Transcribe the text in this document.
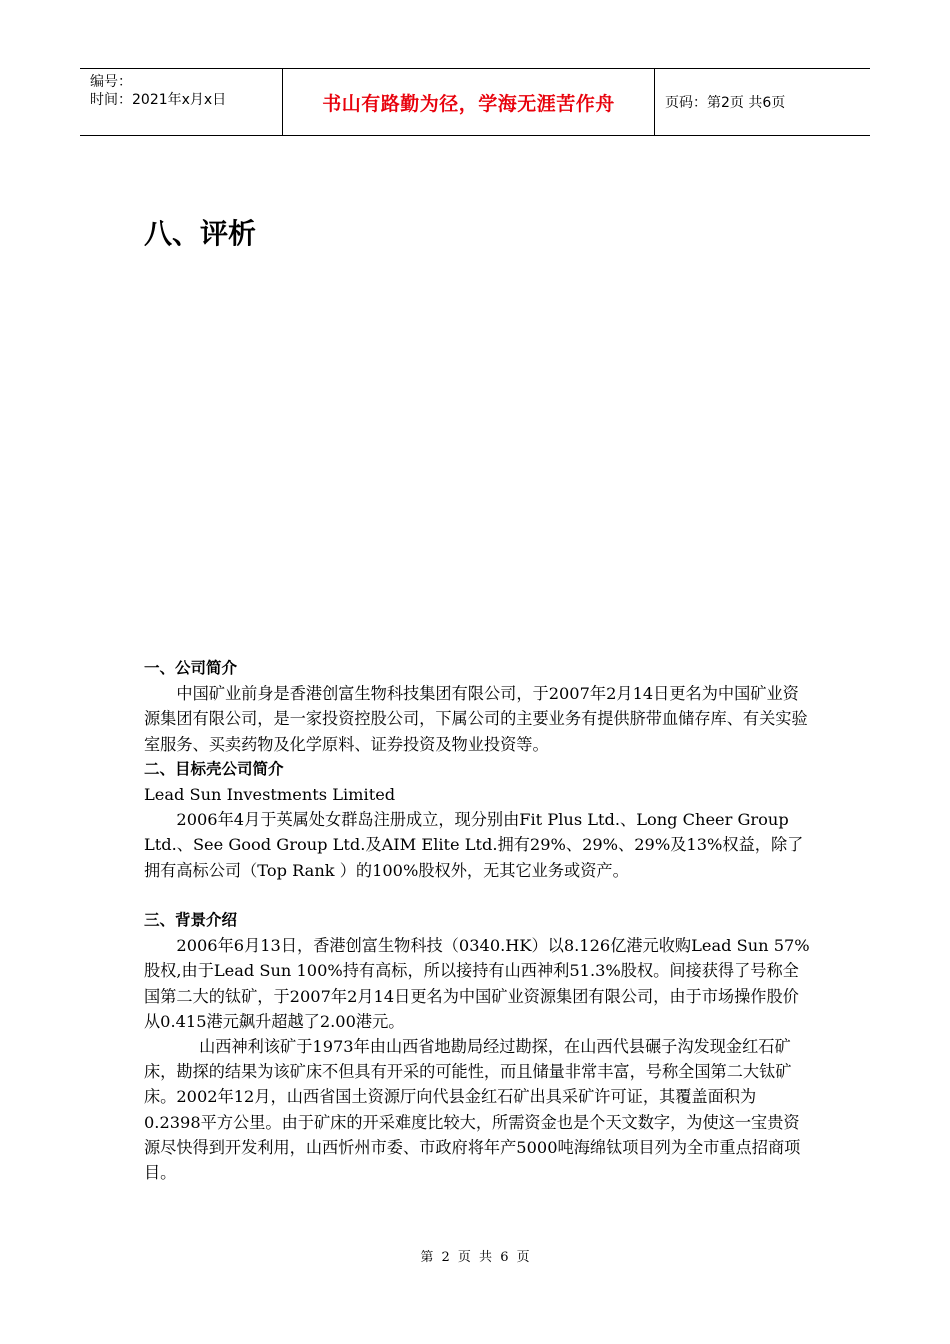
编号：
时间：2021年x月x日	书山有路勤为径，学海无涯苦作舟	页码：第2页 共6页
八、评析

一、公司简介

中国矿业前身是香港创富生物科技集团有限公司，于2007年2月14日更名为中国矿业资源集团有限公司，是一家投资控股公司，下属公司的主要业务有提供脐带血储存库、有关实验室服务、买卖药物及化学原料、证券投资及物业投资等。

二、目标壳公司简介

Lead Sun Investments Limited

2006年4月于英属处女群岛注册成立，现分别由Fit Plus Ltd.、Long Cheer Group Ltd.、See Good Group Ltd.及AIM Elite Ltd.拥有29%、29%、29%及13%权益，除了拥有高标公司（Top Rank ）的100%股权外，无其它业务或资产。

三、背景介绍

2006年6月13日，香港创富生物科技（0340.HK）以8.126亿港元收购Lead Sun 57%股权,由于Lead Sun 100%持有高标，所以接持有山西神利51.3%股权。间接获得了号称全国第二大的钛矿，于2007年2月14日更名为中国矿业资源集团有限公司，由于市场操作股价从0.415港元飙升超越了2.00港元。

山西神利该矿于1973年由山西省地勘局经过勘探，在山西代县碾子沟发现金红石矿床，勘探的结果为该矿床不但具有开采的可能性，而且储量非常丰富，号称全国第二大钛矿床。2002年12月，山西省国土资源厅向代县金红石矿出具采矿许可证，其覆盖面积为0.2398平方公里。由于矿床的开采难度比较大，所需资金也是个天文数字，为使这一宝贵资源尽快得到开发利用，山西忻州市委、市政府将年产5000吨海绵钛项目列为全市重点招商项目。

第 2 页 共 6 页
